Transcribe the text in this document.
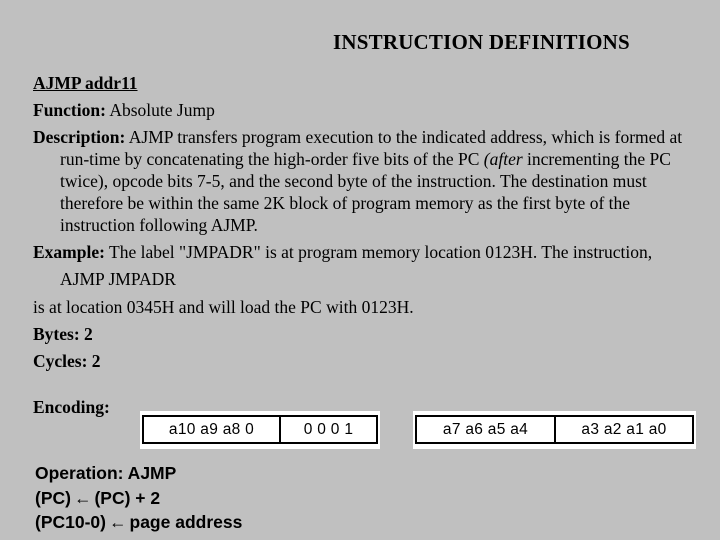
INSTRUCTION DEFINITIONS
AJMP addr11
Function: Absolute Jump
Description: AJMP transfers program execution to the indicated address, which is formed at run-time by concatenating the high-order five bits of the PC (after incrementing the PC twice), opcode bits 7-5, and the second byte of the instruction. The destination must therefore be within the same 2K block of program memory as the first byte of the instruction following AJMP.
Example: The label "JMPADR" is at program memory location 0123H. The instruction,
AJMP JMPADR
is at location 0345H and will load the PC with 0123H.
Bytes: 2
Cycles: 2
Encoding:
a10 a9 a8 0	0 0 0 1	a7 a6 a5 a4	a3 a2 a1 a0
Operation: AJMP
(PC) ← (PC) + 2
(PC10-0) ← page address
